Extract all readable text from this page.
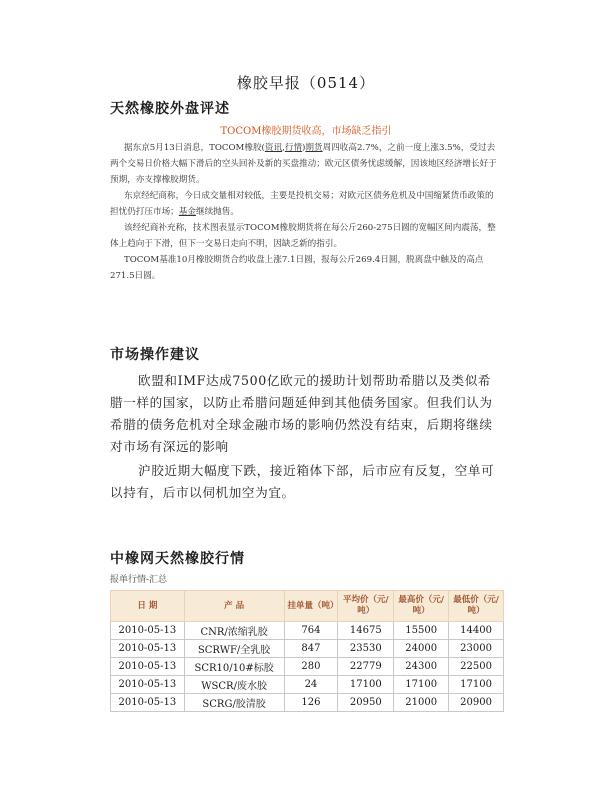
橡胶早报（0514）
天然橡胶外盘评述
TOCOM橡胶期货收高，市场缺乏指引

据东京5月13日消息，TOCOM橡胶(资讯,行情)期货周四收高2.7%，之前一度上涨3.5%，受过去两个交易日价格大幅下滑后的空头回补及新的买盘推动；欧元区债务忧虑缓解，因该地区经济增长好于预期，亦支撑橡胶期货。

东京经纪商称，今日成交量相对较低，主要是投机交易；对欧元区债务危机及中国缩紧货币政策的担忧仍打压市场；基金继续抛售。

该经纪商补充称，技术图表显示TOCOM橡胶期货将在每公斤260-275日圆的宽幅区间内震荡，整体上趋向于下滑，但下一交易日走向不明，因缺乏新的指引。

TOCOM基准10月橡胶期货合约收盘上涨7.1日圆，报每公斤269.4日圆，脱离盘中触及的高点271.5日圆。

市场操作建议

欧盟和IMF达成7500亿欧元的援助计划帮助希腊以及类似希腊一样的国家，以防止希腊问题延伸到其他债务国家。但我们认为希腊的债务危机对全球金融市场的影响仍然没有结束，后期将继续对市场有深远的影响

沪胶近期大幅度下跌，接近箱体下部，后市应有反复，空单可以持有，后市以伺机加空为宜。

中橡网天然橡胶行情
报单行情-汇总
日 期	产 品	挂单量（吨）	平均价（元/吨）	最高价（元/吨）	最低价（元/吨）
2010-05-13	CNR/浓缩乳胶	764	14675	15500	14400
2010-05-13	SCRWF/全乳胶	847	23530	24000	23000
2010-05-13	SCR10/10#标胶	280	22779	24300	22500
2010-05-13	WSCR/废水胶	24	17100	17100	17100
2010-05-13	SCRG/胶清胶	126	20950	21000	20900
